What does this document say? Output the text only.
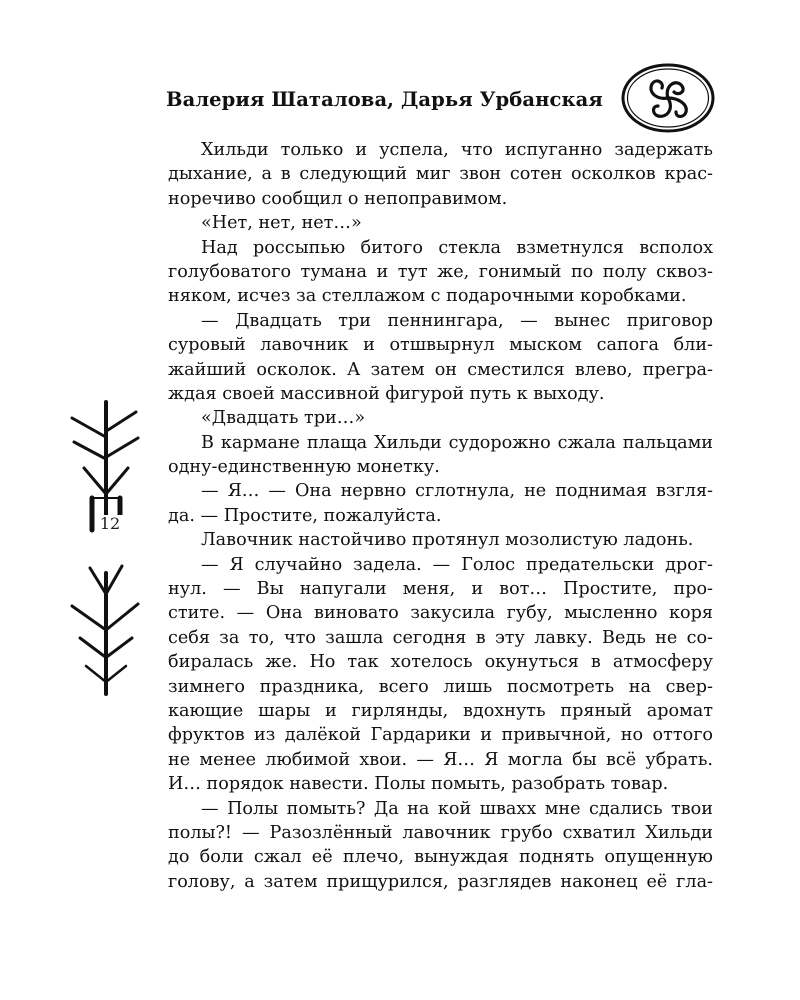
Валерия Шаталова, Дарья Урбанская
12
Хильди только и успела, что испуганно задержать
дыхание, а в следующий миг звон сотен осколков крас-
норечиво сообщил о непоправимом.
«Нет, нет, нет…»
Над россыпью битого стекла взметнулся всполох
голубоватого тумана и тут же, гонимый по полу сквоз-
няком, исчез за стеллажом с подарочными коробками.
— Двадцать три пеннингара, — вынес приговор
суровый лавочник и отшвырнул мыском сапога бли-
жайший осколок. А затем он сместился влево, прегра-
ждая своей массивной фигурой путь к выходу.
«Двадцать три…»
В кармане плаща Хильди судорожно сжала пальцами
одну-единственную монетку.
— Я… — Она нервно сглотнула, не поднимая взгля-
да. — Простите, пожалуйста.
Лавочник настойчиво протянул мозолистую ладонь.
— Я случайно задела. — Голос предательски дрог-
нул. — Вы напугали меня, и вот… Простите, про-
стите. — Она виновато закусила губу, мысленно коря
себя за то, что зашла сегодня в эту лавку. Ведь не со-
биралась же. Но так хотелось окунуться в атмосферу
зимнего праздника, всего лишь посмотреть на свер-
кающие шары и гирлянды, вдохнуть пряный аромат
фруктов из далёкой Гардарики и привычной, но оттого
не менее любимой хвои. — Я… Я могла бы всё убрать.
И… порядок навести. Полы помыть, разобрать товар.
— Полы помыть? Да на кой швахх мне сдались твои
полы?! — Разозлённый лавочник грубо схватил Хильди
до боли сжал её плечо, вынуждая поднять опущенную
голову, а затем прищурился, разглядев наконец её гла-
